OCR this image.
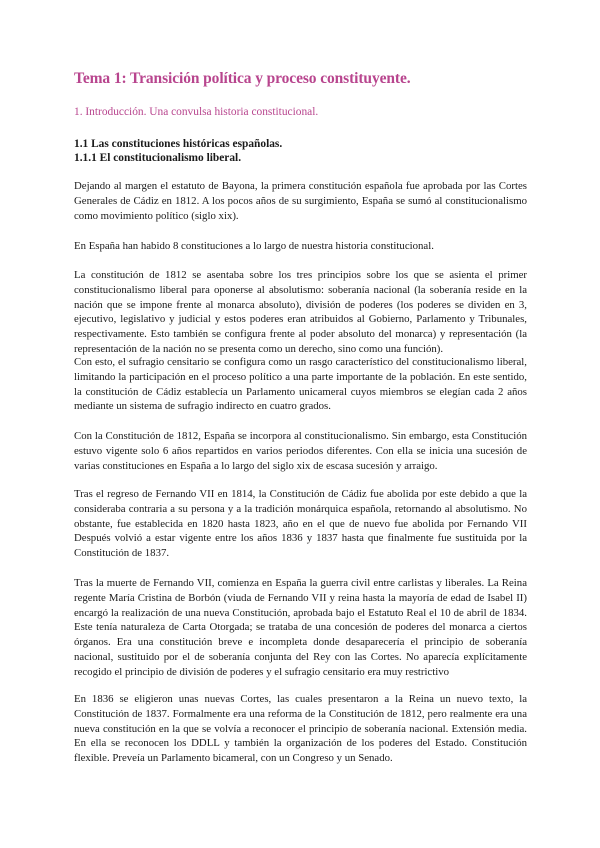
Tema 1: Transición política y proceso constituyente.
1. Introducción. Una convulsa historia constitucional.
1.1 Las constituciones históricas españolas.
1.1.1 El constitucionalismo liberal.

Dejando al margen el estatuto de Bayona, la primera constitución española fue aprobada por las Cortes Generales de Cádiz en 1812. A los pocos años de su surgimiento, España se sumó al constitucionalismo como movimiento político (siglo xix).

En España han habido 8 constituciones a lo largo de nuestra historia constitucional.

La constitución de 1812 se asentaba sobre los tres principios sobre los que se asienta el primer constitucionalismo liberal para oponerse al absolutismo: soberanía nacional (la soberanía reside en la nación que se impone frente al monarca absoluto), división de poderes (los poderes se dividen en 3, ejecutivo, legislativo y judicial y estos poderes eran atribuidos al Gobierno, Parlamento y Tribunales, respectivamente. Esto también se configura frente al poder absoluto del monarca) y representación (la representación de la nación no se presenta como un derecho, sino como una función).

Con esto, el sufragio censitario se configura como un rasgo característico del constitucionalismo liberal, limitando la participación en el proceso político a una parte importante de la población. En este sentido, la constitución de Cádiz establecía un Parlamento unicameral cuyos miembros se elegían cada 2 años mediante un sistema de sufragio indirecto en cuatro grados.

Con la Constitución de 1812, España se incorpora al constitucionalismo. Sin embargo, esta Constitución estuvo vigente solo 6 años repartidos en varios periodos diferentes. Con ella se inicia una sucesión de varias constituciones en España a lo largo del siglo xix de escasa sucesión y arraigo.

Tras el regreso de Fernando VII en 1814, la Constitución de Cádiz fue abolida por este debido a que la consideraba contraria a su persona y a la tradición monárquica española, retornando al absolutismo. No obstante, fue establecida en 1820 hasta 1823, año en el que de nuevo fue abolida por Fernando VII Después volvió a estar vigente entre los años 1836 y 1837 hasta que finalmente fue sustituida por la Constitución de 1837.

Tras la muerte de Fernando VII, comienza en España la guerra civil entre carlistas y liberales. La Reina regente María Cristina de Borbón (viuda de Fernando VII y reina hasta la mayoría de edad de Isabel II) encargó la realización de una nueva Constitución, aprobada bajo el Estatuto Real el 10 de abril de 1834. Este tenía naturaleza de Carta Otorgada; se trataba de una concesión de poderes del monarca a ciertos órganos. Era una constitución breve e incompleta donde desaparecería el principio de soberanía nacional, sustituido por el de soberanía conjunta del Rey con las Cortes. No aparecía explícitamente recogido el principio de división de poderes y el sufragio censitario era muy restrictivo

En 1836 se eligieron unas nuevas Cortes, las cuales presentaron a la Reina un nuevo texto, la Constitución de 1837. Formalmente era una reforma de la Constitución de 1812, pero realmente era una nueva constitución en la que se volvía a reconocer el principio de soberanía nacional. Extensión media. En ella se reconocen los DDLL y también la organización de los poderes del Estado. Constitución flexible. Preveía un Parlamento bicameral, con un Congreso y un Senado.
